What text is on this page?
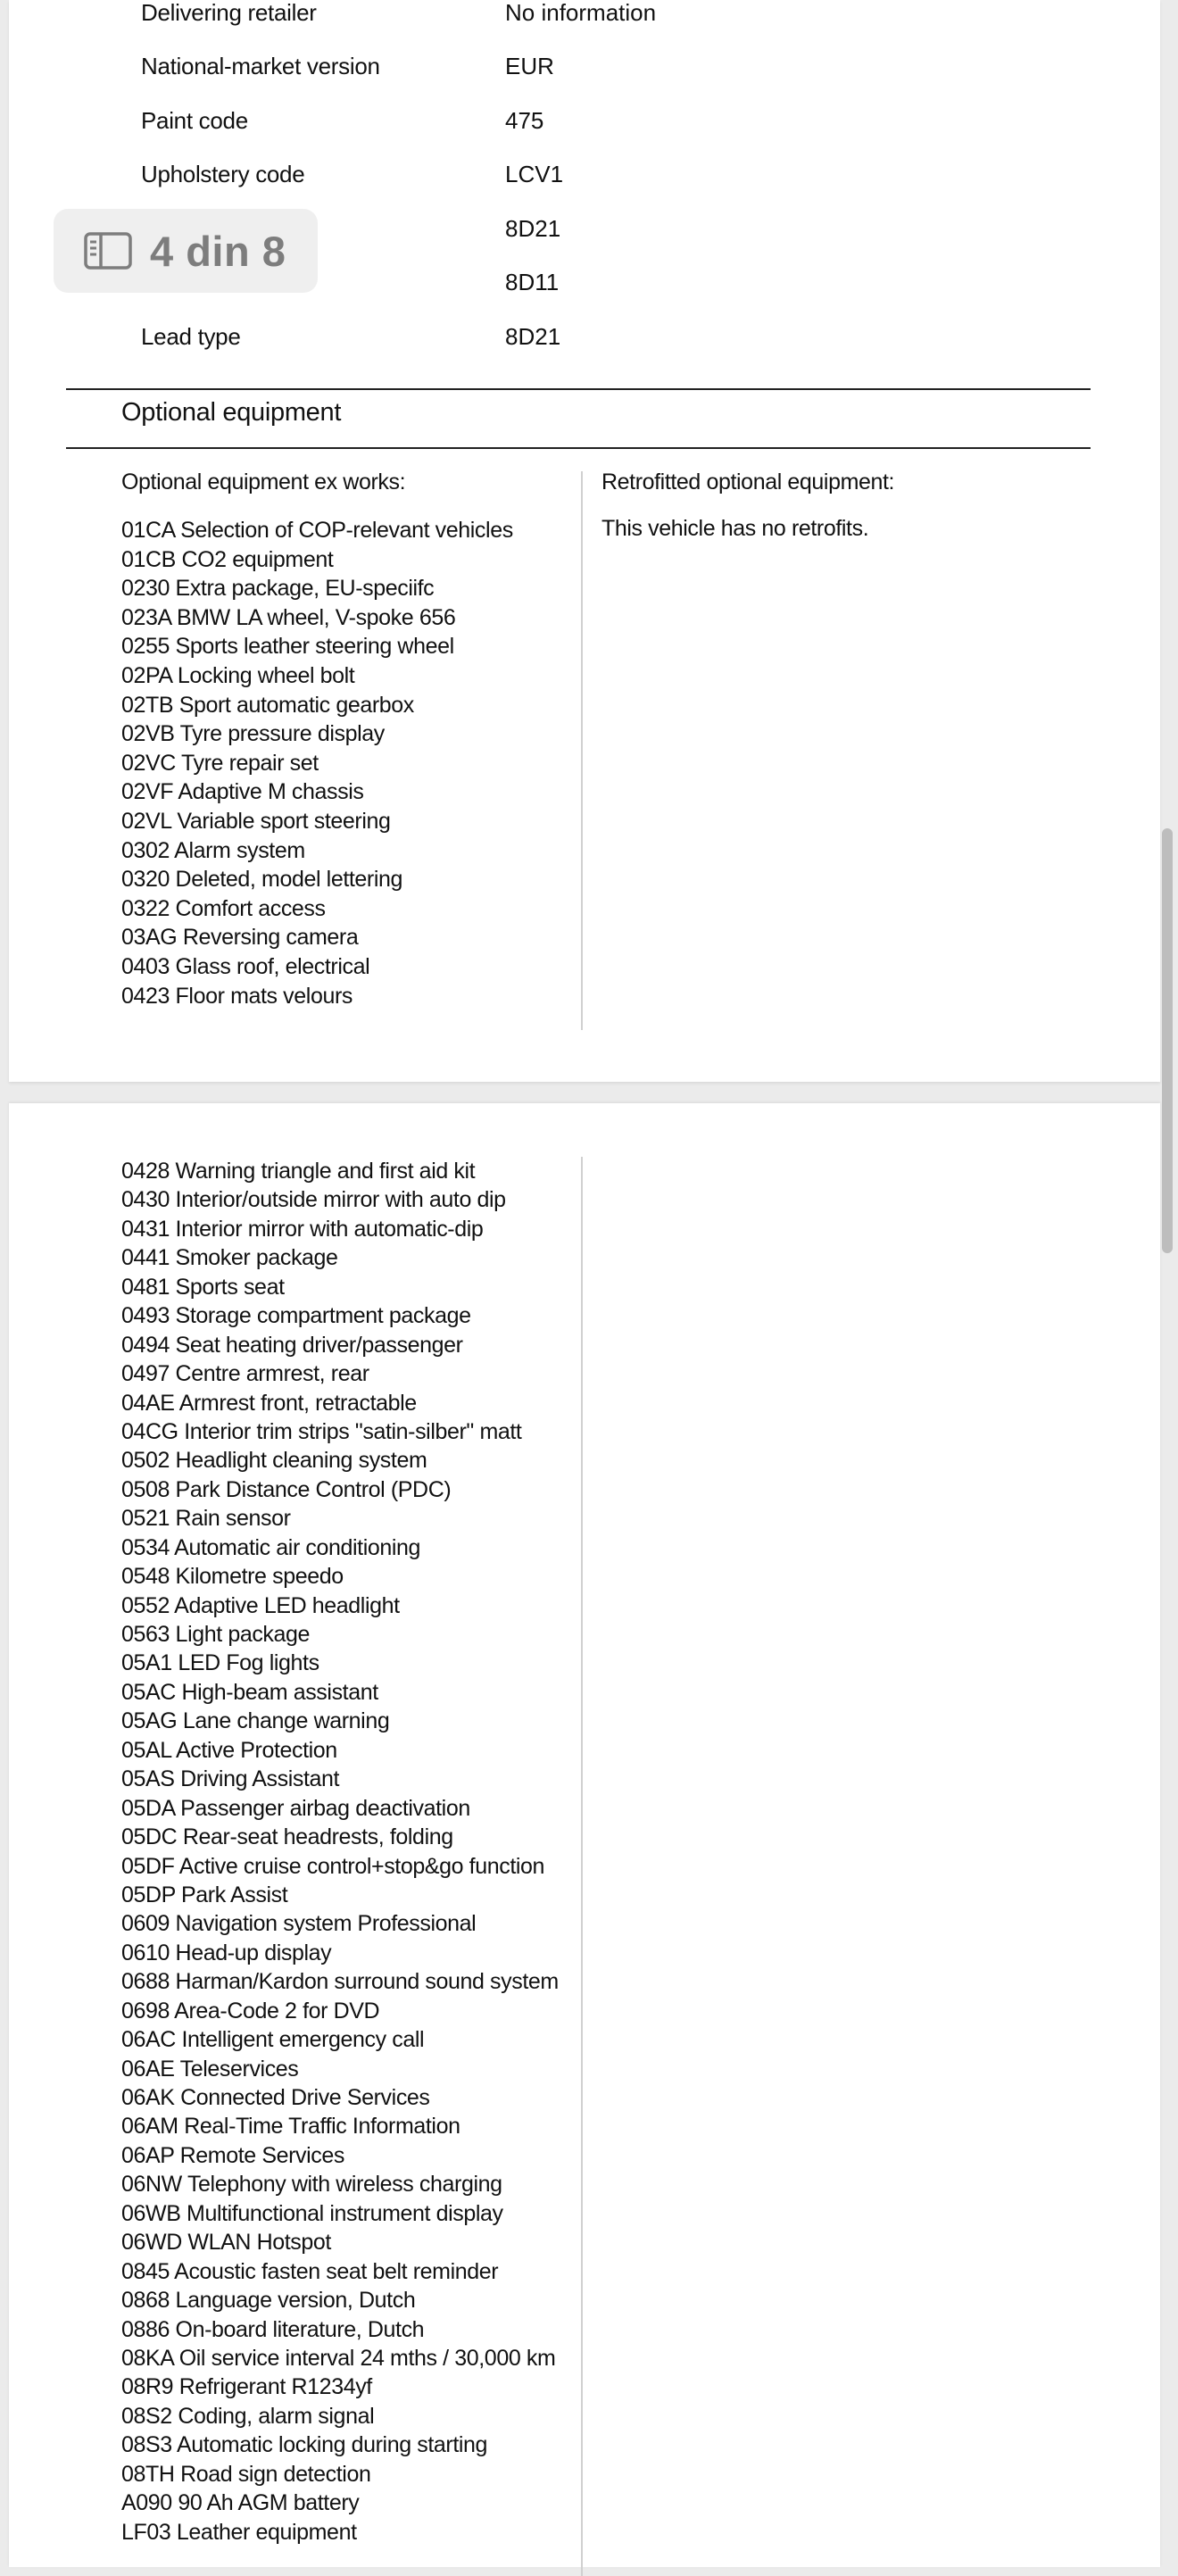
Delivering retailer	No information
National-market version	EUR
Paint code	475
Upholstery code	LCV1
8D21
8D11
Lead type	8D21
Optional equipment
Optional equipment ex works:	Retrofitted optional equipment:
01CA Selection of COP-relevant vehicles
01CB CO2 equipment
0230 Extra package, EU-speciifc
023A BMW LA wheel, V-spoke 656
0255 Sports leather steering wheel
02PA Locking wheel bolt
02TB Sport automatic gearbox
02VB Tyre pressure display
02VC Tyre repair set
02VF Adaptive M chassis
02VL Variable sport steering
0302 Alarm system
0320 Deleted, model lettering
0322 Comfort access
03AG Reversing camera
0403 Glass roof, electrical
0423 Floor mats velours
This vehicle has no retrofits.
0428 Warning triangle and first aid kit
0430 Interior/outside mirror with auto dip
0431 Interior mirror with automatic-dip
0441 Smoker package
0481 Sports seat
0493 Storage compartment package
0494 Seat heating driver/passenger
0497 Centre armrest, rear
04AE Armrest front, retractable
04CG Interior trim strips "satin-silber" matt
0502 Headlight cleaning system
0508 Park Distance Control (PDC)
0521 Rain sensor
0534 Automatic air conditioning
0548 Kilometre speedo
0552 Adaptive LED headlight
0563 Light package
05A1 LED Fog lights
05AC High-beam assistant
05AG Lane change warning
05AL Active Protection
05AS Driving Assistant
05DA Passenger airbag deactivation
05DC Rear-seat headrests, folding
05DF Active cruise control+stop&go function
05DP Park Assist
0609 Navigation system Professional
0610 Head-up display
0688 Harman/Kardon surround sound system
0698 Area-Code 2 for DVD
06AC Intelligent emergency call
06AE Teleservices
06AK Connected Drive Services
06AM Real-Time Traffic Information
06AP Remote Services
06NW Telephony with wireless charging
06WB Multifunctional instrument display
06WD WLAN Hotspot
0845 Acoustic fasten seat belt reminder
0868 Language version, Dutch
0886 On-board literature, Dutch
08KA Oil service interval 24 mths / 30,000 km
08R9 Refrigerant R1234yf
08S2 Coding, alarm signal
08S3 Automatic locking during starting
08TH Road sign detection
A090 90 Ah AGM battery
LF03 Leather equipment
4 din 8
